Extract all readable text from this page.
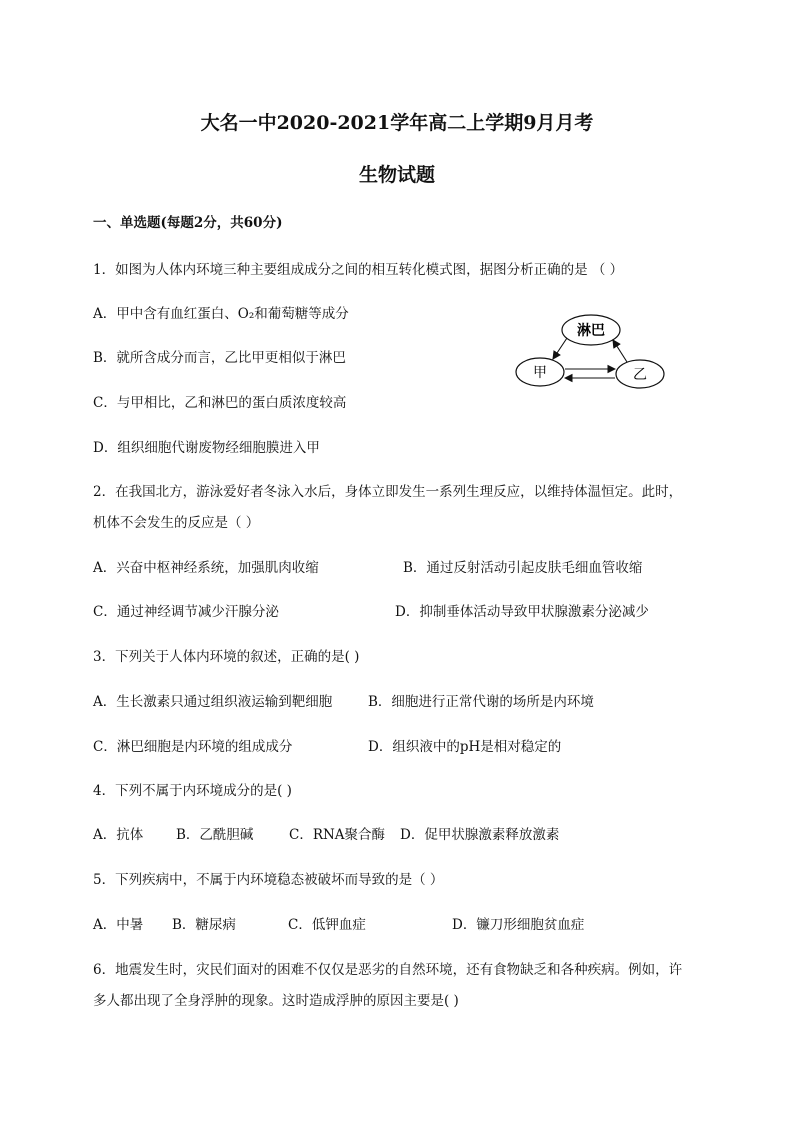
大名一中2020-2021学年高二上学期9月月考
生物试题
一、单选题(每题2分，共60分)
1．如图为人体内环境三种主要组成成分之间的相互转化模式图，据图分析正确的是 （ ）
A．甲中含有血红蛋白、O₂和葡萄糖等成分
B．就所含成分而言，乙比甲更相似于淋巴
C．与甲相比，乙和淋巴的蛋白质浓度较高
D．组织细胞代谢废物经细胞膜进入甲
淋巴
甲	乙
2．在我国北方，游泳爱好者冬泳入水后，身体立即发生一系列生理反应，以维持体温恒定。此时，
机体不会发生的反应是（ ）
A．兴奋中枢神经系统，加强肌肉收缩	B．通过反射活动引起皮肤毛细血管收缩
C．通过神经调节减少汗腺分泌	D．抑制垂体活动导致甲状腺激素分泌减少
3．下列关于人体内环境的叙述，正确的是( )
A．生长激素只通过组织液运输到靶细胞	B．细胞进行正常代谢的场所是内环境
C．淋巴细胞是内环境的组成成分	D．组织液中的pH是相对稳定的
4．下列不属于内环境成分的是( )
A．抗体 B．乙酰胆碱	C．RNA聚合酶 D．促甲状腺激素释放激素
5．下列疾病中，不属于内环境稳态被破坏而导致的是（ ）
A．中暑 B．糖尿病	C．低钾血症	D．镰刀形细胞贫血症
6．地震发生时，灾民们面对的困难不仅仅是恶劣的自然环境，还有食物缺乏和各种疾病。例如，许
多人都出现了全身浮肿的现象。这时造成浮肿的原因主要是( )
